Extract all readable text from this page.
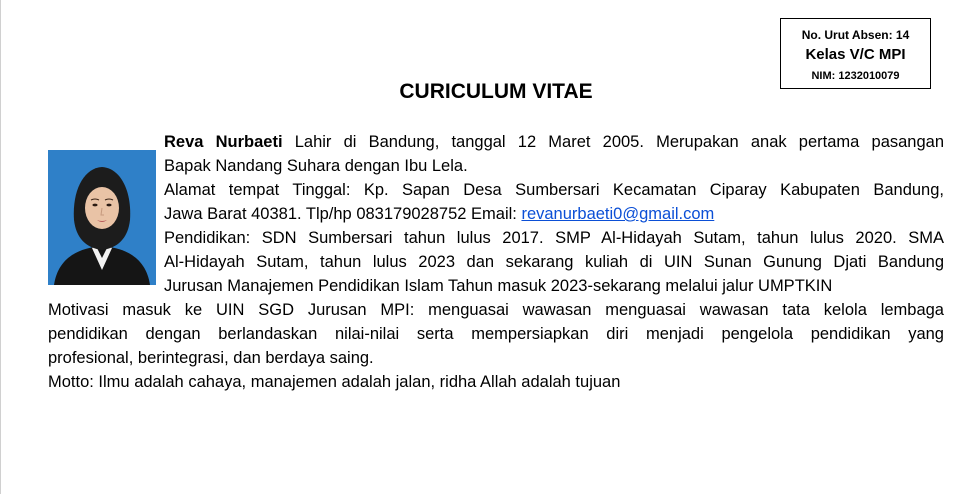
No. Urut Absen: 14
Kelas V/C MPI
NIM: 1232010079
CURICULUM VITAE
Reva Nurbaeti Lahir di Bandung, tanggal 12 Maret 2005. Merupakan anak pertama pasangan
Bapak Nandang Suhara dengan Ibu Lela.
Alamat tempat Tinggal: Kp. Sapan Desa Sumbersari Kecamatan Ciparay Kabupaten Bandung,
Jawa Barat 40381. Tlp/hp 083179028752 Email: revanurbaeti0@gmail.com
Pendidikan: SDN Sumbersari tahun lulus 2017. SMP Al-Hidayah Sutam, tahun lulus 2020. SMA
Al-Hidayah Sutam, tahun lulus 2023 dan sekarang kuliah di UIN Sunan Gunung Djati Bandung
Jurusan Manajemen Pendidikan Islam Tahun masuk 2023-sekarang melalui jalur UMPTKIN
Motivasi masuk ke UIN SGD Jurusan MPI: menguasai wawasan menguasai wawasan tata kelola lembaga
pendidikan dengan berlandaskan nilai-nilai serta mempersiapkan diri menjadi pengelola pendidikan yang
profesional, berintegrasi, dan berdaya saing.
Motto: Ilmu adalah cahaya, manajemen adalah jalan, ridha Allah adalah tujuan
